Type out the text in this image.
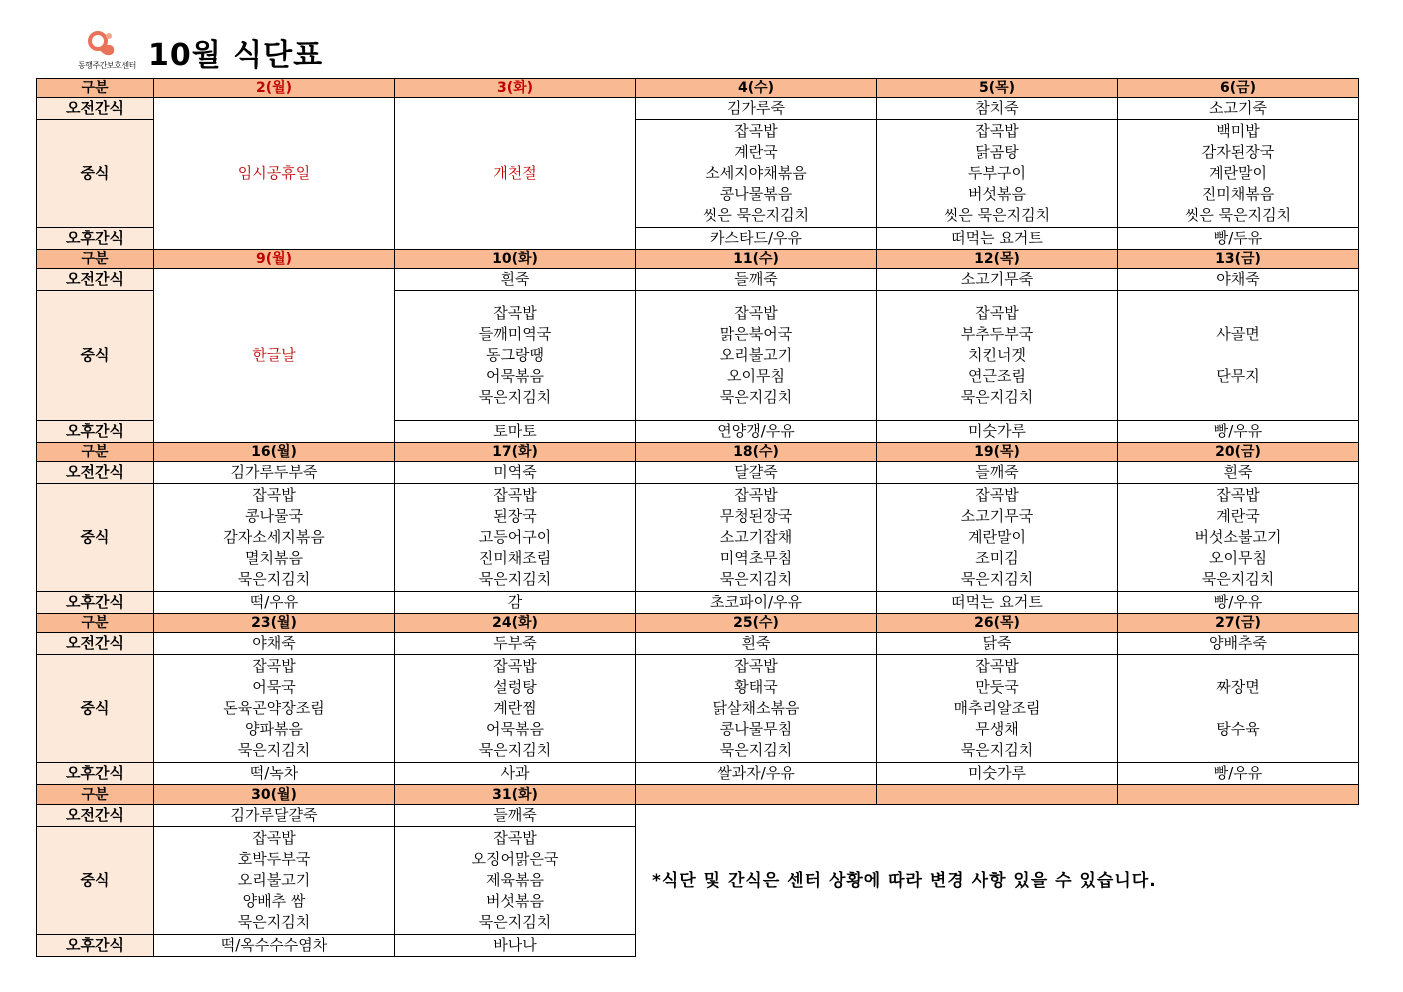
동행주간보호센터 10월 식단표
구분	2(월)	3(화)	4(수)	5(목)	6(금)
오전간식	임시공휴일	개천절	김가루죽	참치죽	소고기죽
중식			잡곡밥
계란국
소세지야채볶음
콩나물볶음
씻은 묵은지김치	잡곡밥
닭곰탕
두부구이
버섯볶음
씻은 묵은지김치	백미밥
감자된장국
계란말이
진미채볶음
씻은 묵은지김치

오후간식			카스타드/우유	떠먹는 요거트	빵/두유
구분	9(월)	10(화)	11(수)	12(목)	13(금)
오전간식	한글날	흰죽	들깨죽	소고기무죽	야채죽
중식		잡곡밥
들깨미역국
동그랑땡
어묵볶음
묵은지김치	잡곡밥
맑은북어국
오리불고기
오이무침
묵은지김치	잡곡밥
부추두부국
치킨너겟
연근조림
묵은지김치	사골면

단무지

오후간식		토마토	연양갱/우유	미숫가루	빵/우유
구분	16(월)	17(화)	18(수)	19(목)	20(금)
오전간식	김가루두부죽	미역죽	달걀죽	들깨죽	흰죽
중식	잡곡밥
콩나물국
감자소세지볶음
멸치볶음
묵은지김치	잡곡밥
된장국
고등어구이
진미채조림
묵은지김치	잡곡밥
무청된장국
소고기잡채
미역초무침
묵은지김치	잡곡밥
소고기무국
계란말이
조미김
묵은지김치	잡곡밥
계란국
버섯소불고기
오이무침
묵은지김치

오후간식	떡/우유	감	초코파이/우유	떠먹는 요거트	빵/우유
구분	23(월)	24(화)	25(수)	26(목)	27(금)
오전간식	야채죽	두부죽	흰죽	닭죽	양배추죽
중식	잡곡밥
어묵국
돈육곤약장조림
양파볶음
묵은지김치	잡곡밥
설렁탕
계란찜
어묵볶음
묵은지김치	잡곡밥
황태국
닭살채소볶음
콩나물무침
묵은지김치	잡곡밥
만둣국
매추리알조림
무생채
묵은지김치	짜장면

탕수육

오후간식	떡/녹차	사과	쌀과자/우유	미숫가루	빵/우유
구분	30(월)	31(화)			
오전간식	김가루달걀죽	들깨죽			
중식	잡곡밥
호박두부국
오리불고기
양배추 쌈
묵은지김치	잡곡밥
오징어맑은국
제육볶음
버섯볶음
묵은지김치			

오후간식	떡/옥수수수염차	바나나			
*식단 및 간식은 센터 상황에 따라 변경 사항 있을 수 있습니다.
